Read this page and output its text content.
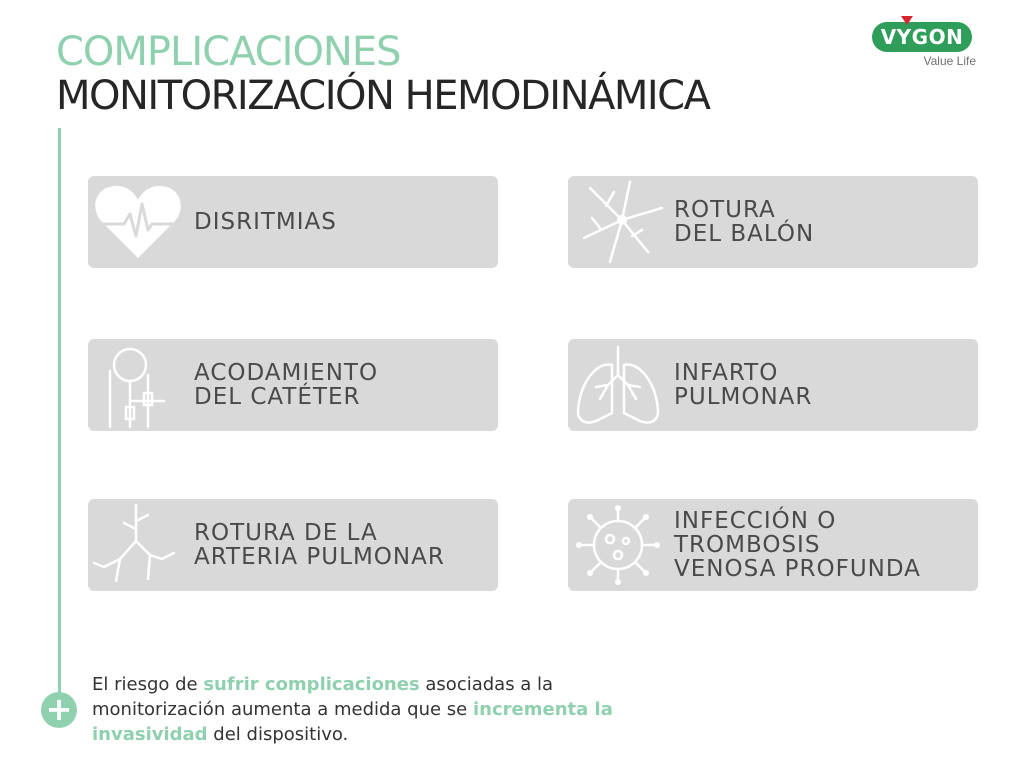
COMPLICACIONES
MONITORIZACIÓN HEMODINÁMICA
VYGON
Value Life
+
DISRITMIAS	ROTURA
DEL BALÓN
ACODAMIENTO
DEL CATÉTER
INFARTO
PULMONAR
ROTURA DE LA
ARTERIA PULMONAR
INFECCIÓN O
TROMBOSIS
VENOSA PROFUNDA
El riesgo de sufrir complicaciones asociadas a la monitorización aumenta a medida que se incrementa la invasividad del dispositivo.
